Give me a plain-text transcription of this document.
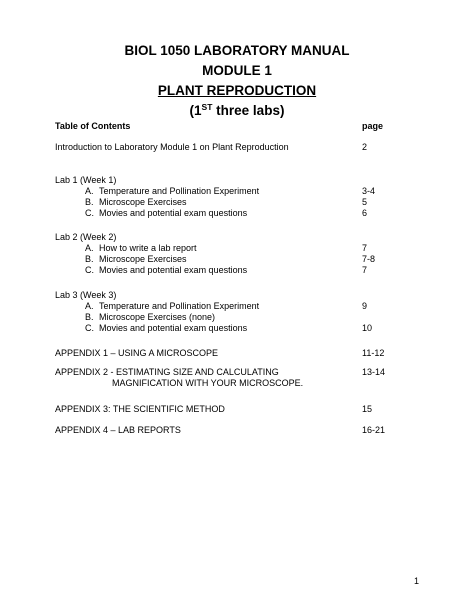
BIOL 1050 LABORATORY MANUAL
MODULE 1
PLANT REPRODUCTION
(1ST three labs)
Table of Contents	page
Introduction to Laboratory Module 1 on Plant Reproduction	2
Lab 1 (Week 1)
A. Temperature and Pollination Experiment	3-4
B. Microscope Exercises	5
C. Movies and potential exam questions	6
Lab 2 (Week 2)
A. How to write a lab report	7
B. Microscope Exercises	7-8
C. Movies and potential exam questions	7
Lab 3 (Week 3)
A. Temperature and Pollination Experiment	9
B. Microscope Exercises (none)
C. Movies and potential exam questions	10
APPENDIX 1 – USING A MICROSCOPE	11-12
APPENDIX 2 - ESTIMATING SIZE AND CALCULATING	13-14
MAGNIFICATION WITH YOUR MICROSCOPE.
APPENDIX 3: THE SCIENTIFIC METHOD	15
APPENDIX 4 – LAB REPORTS	16-21
1
